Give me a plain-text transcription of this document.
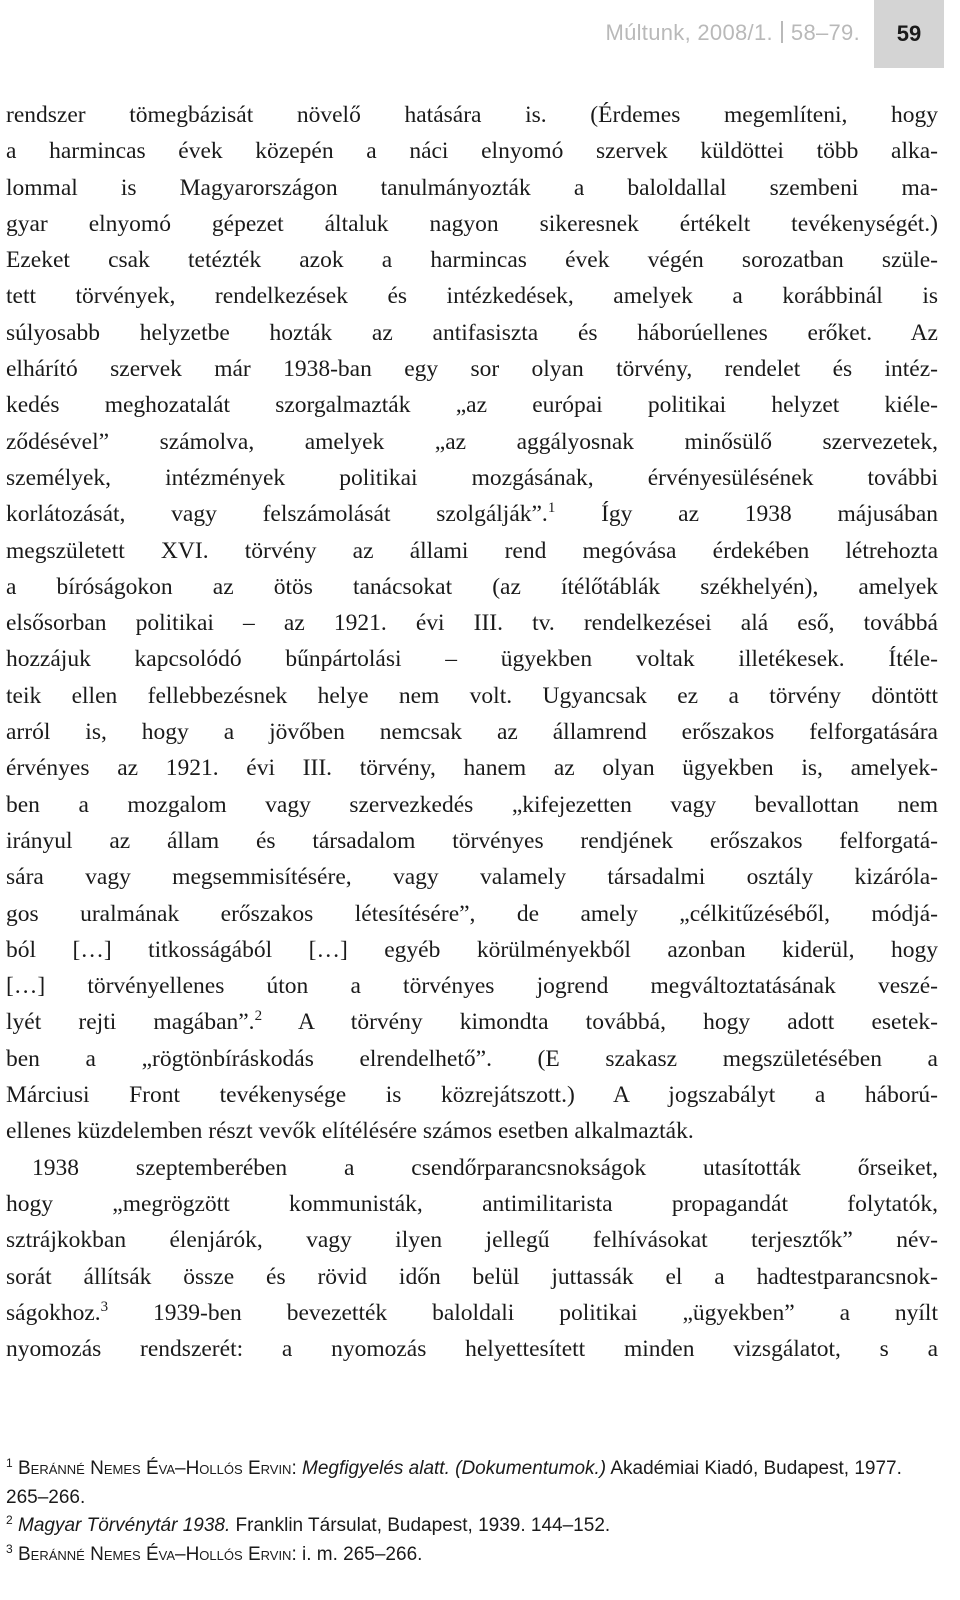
Múltunk, 2008/1. 58–79.	59
rendszer tömegbázisát növelő hatására is. (Érdemes megemlíteni, hogy
a harmincas évek közepén a náci elnyomó szervek küldöttei több alka-
lommal is Magyarországon tanulmányozták a baloldallal szembeni ma-
gyar elnyomó gépezet általuk nagyon sikeresnek értékelt tevékenységét.)
Ezeket csak tetézték azok a harmincas évek végén sorozatban szüle-
tett törvények, rendelkezések és intézkedések, amelyek a korábbinál is
súlyosabb helyzetbe hozták az antifasiszta és háborúellenes erőket. Az
elhárító szervek már 1938-ban egy sor olyan törvény, rendelet és intéz-
kedés meghozatalát szorgalmazták „az európai politikai helyzet kiéle-
ződésével” számolva, amelyek „az aggályosnak minősülő szervezetek,
személyek, intézmények politikai mozgásának, érvényesülésének további
korlátozását, vagy felszámolását szolgálják”.$^1$ Így az 1938 májusában
megszületett XVI. törvény az állami rend megóvása érdekében létrehozta
a bíróságokon az ötös tanácsokat (az ítélőtáblák székhelyén), amelyek
elsősorban politikai – az 1921. évi III. tv. rendelkezései alá eső, továbbá
hozzájuk kapcsolódó bűnpártolási – ügyekben voltak illetékesek. Ítéle-
teik ellen fellebbezésnek helye nem volt. Ugyancsak ez a törvény döntött
arról is, hogy a jövőben nemcsak az államrend erőszakos felforgatására
érvényes az 1921. évi III. törvény, hanem az olyan ügyekben is, amelyek-
ben a mozgalom vagy szervezkedés „kifejezetten vagy bevallottan nem
irányul az állam és társadalom törvényes rendjének erőszakos felforgatá-
sára vagy megsemmisítésére, vagy valamely társadalmi osztály kizáróla-
gos uralmának erőszakos létesítésére”, de amely „célkitűzéséből, módjá-
ból […] titkosságából […] egyéb körülményekből azonban kiderül, hogy
[…] törvényellenes úton a törvényes jogrend megváltoztatásának veszé-
lyét rejti magában”.$^2$ A törvény kimondta továbbá, hogy adott esetek-
ben a „rögtönbíráskodás elrendelhető”. (E szakasz megszületésében a
Márciusi Front tevékenysége is közrejátszott.) A jogszabályt a háború-
ellenes küzdelemben részt vevők elítélésére számos esetben alkalmazták.
1938 szeptemberében a csendőrparancsnokságok utasították őrseiket,
hogy „megrögzött kommunisták, antimilitarista propagandát folytatók,
sztrájkokban élenjárók, vagy ilyen jellegű felhívásokat terjesztők” név-
sorát állítsák össze és rövid időn belül juttassák el a hadtestparancsnok-
ságokhoz.$^3$ 1939-ben bevezették baloldali politikai „ügyekben” a nyílt
nyomozás rendszerét: a nyomozás helyettesített minden vizsgálatot, s a
1 Beránné Nemes Éva–Hollós Ervin: Megfigyelés alatt. (Dokumentumok.) Akadémiai Kiadó, Budapest, 1977.
265–266.
2 Magyar Törvénytár 1938. Franklin Társulat, Budapest, 1939. 144–152.
3 Beránné Nemes Éva–Hollós Ervin: i. m. 265–266.
